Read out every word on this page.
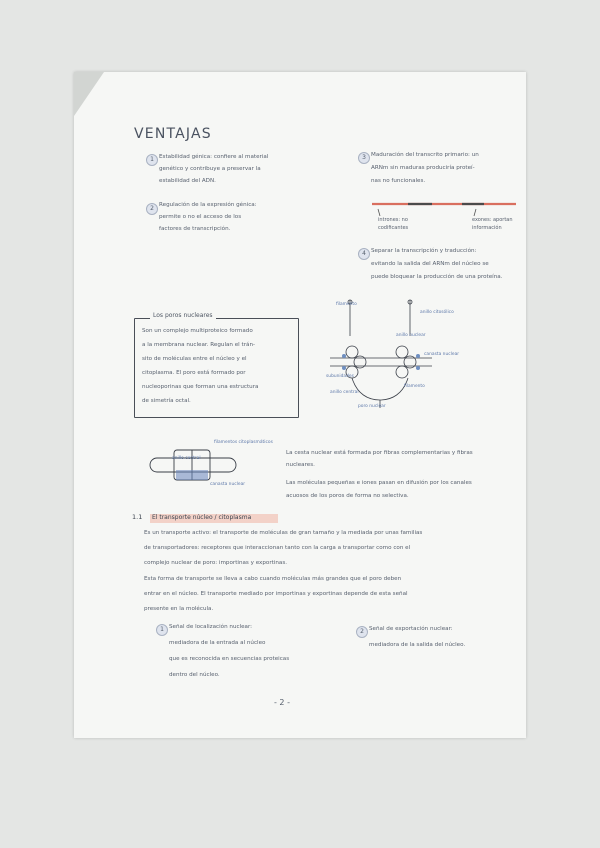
VENTAJAS
1 Estabilidad génica: confiere al material
genético y contribuye a preservar la
estabilidad del ADN.
2 Regulación de la expresión génica:
permite o no el acceso de los
factores de transcripción.
3 Maduración del transcrito primario: un
ARNm sin maduras produciría proteí-
nas no funcionales.
intrones: no
codificantes
exones: aportan
información
4 Separar la transcripción y traducción:
evitando la salida del ARNm del núcleo se
puede bloquear la producción de una proteína.
Los poros nucleares
Son un complejo multiproteico formado
a la membrana nuclear. Regulan el trán-
sito de moléculas entre el núcleo y el
citoplasma. El poro está formado por
nucleoporinas que forman una estructura
de simetría octal.
filamento
anillo citosólico
anillo nuclear
canasta nuclear
subunidades
filamento
anillo central
poro nuclear
filamentos citoplasmáticos
canasta nuclear
anillo central
La cesta nuclear está formada por fibras complementarias y fibras
nucleares.
Las moléculas pequeñas e iones pasan en difusión por los canales
acuosos de los poros de forma no selectiva.
1.1 El transporte núcleo / citoplasma
Es un transporte activo: el transporte de moléculas de gran tamaño y la mediada por unas familias
de transportadores: receptores que interaccionan tanto con la carga a transportar como con el
complejo nuclear de poro: importinas y exportinas.
Esta forma de transporte se lleva a cabo cuando moléculas más grandes que el poro deben
entrar en el núcleo. El transporte mediado por importinas y exportinas depende de esta señal
presente en la molécula.
1 Señal de localización nuclear:
mediadora de la entrada al núcleo
que es reconocida en secuencias proteicas
dentro del núcleo.
2 Señal de exportación nuclear:
mediadora de la salida del núcleo.
- 2 -
